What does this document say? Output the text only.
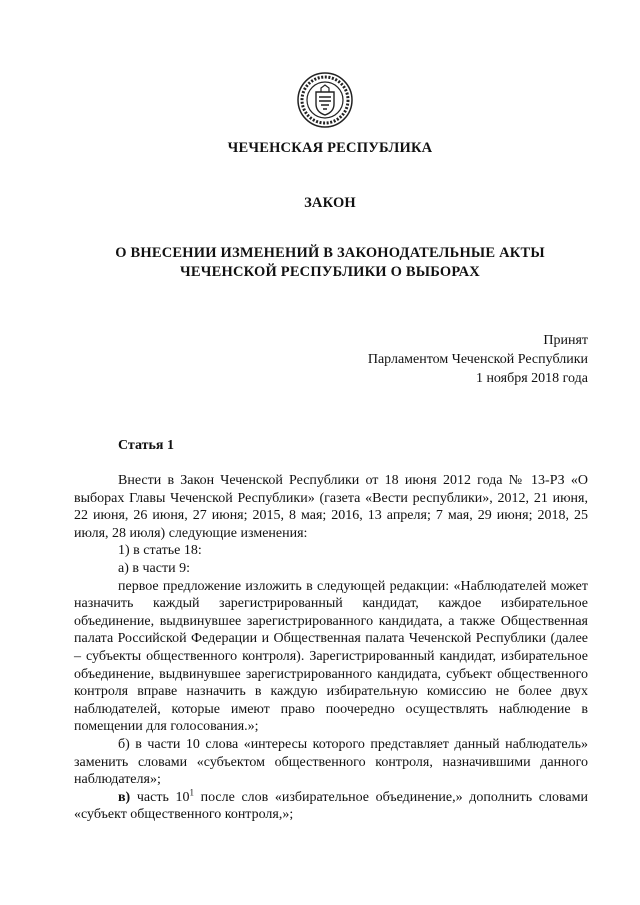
ЧЕЧЕНСКАЯ РЕСПУБЛИКА
ЗАКОН
О ВНЕСЕНИИ ИЗМЕНЕНИЙ В ЗАКОНОДАТЕЛЬНЫЕ АКТЫ
ЧЕЧЕНСКОЙ РЕСПУБЛИКИ О ВЫБОРАХ
Принят
Парламентом Чеченской Республики
1 ноября 2018 года
Статья 1

Внести в Закон Чеченской Республики от 18 июня 2012 года № 13-РЗ «О выборах Главы Чеченской Республики» (газета «Вести республики», 2012, 21 июня, 22 июня, 26 июня, 27 июня; 2015, 8 мая; 2016, 13 апреля; 7 мая, 29 июня; 2018, 25 июля, 28 июля) следующие изменения:

1) в статье 18:

а) в части 9:

первое предложение изложить в следующей редакции: «Наблюдателей может назначить каждый зарегистрированный кандидат, каждое избирательное объединение, выдвинувшее зарегистрированного кандидата, а также Общественная палата Российской Федерации и Общественная палата Чеченской Республики (далее – субъекты общественного контроля). Зарегистрированный кандидат, избирательное объединение, выдвинувшее зарегистрированного кандидата, субъект общественного контроля вправе назначить в каждую избирательную комиссию не более двух наблюдателей, которые имеют право поочередно осуществлять наблюдение в помещении для голосования.»;

б) в части 10 слова «интересы которого представляет данный наблюдатель» заменить словами «субъектом общественного контроля, назначившими данного наблюдателя»;

в) часть $10^1$ после слов «избирательное объединение,» дополнить словами «субъект общественного контроля,»;
